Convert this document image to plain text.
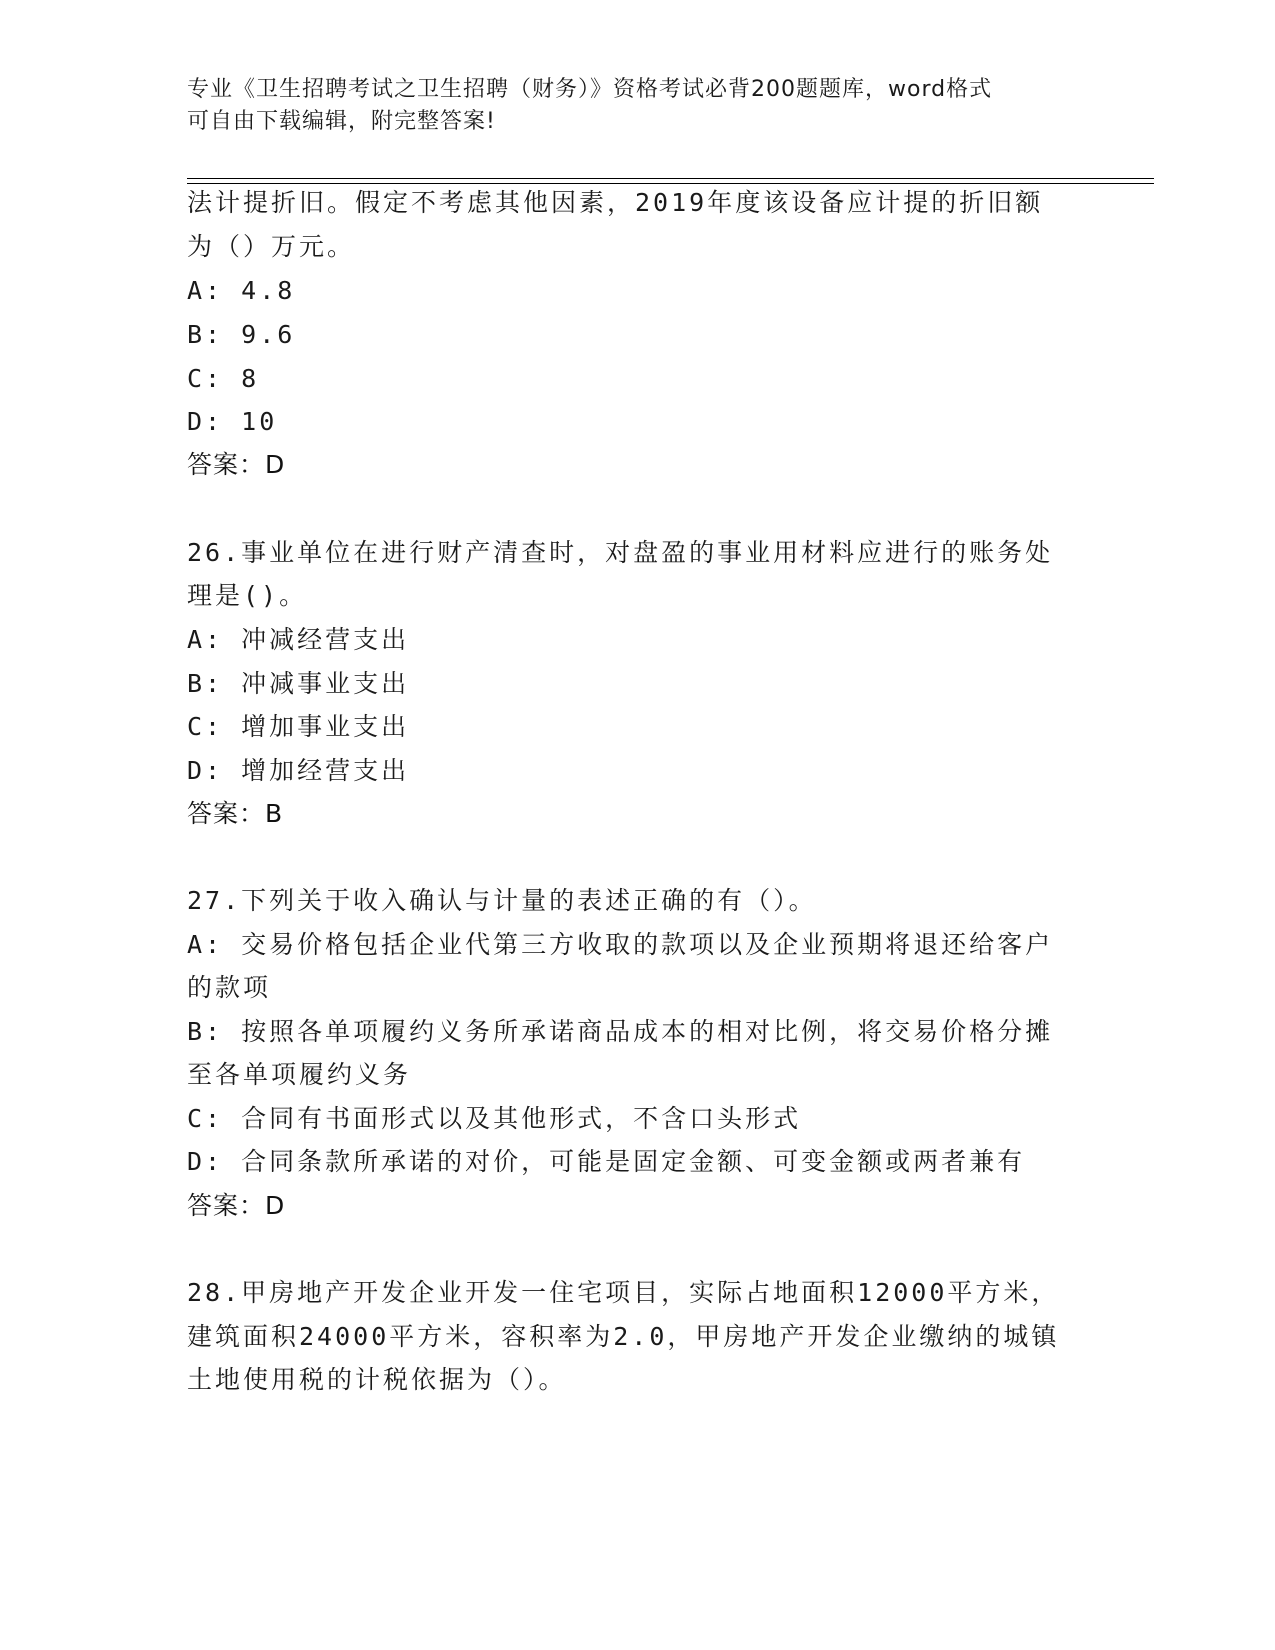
专业《卫生招聘考试之卫生招聘（财务）》资格考试必背200题题库，word格式
可自由下载编辑，附完整答案!
法计提折旧。假定不考虑其他因素，2019年度该设备应计提的折旧额
为（）万元。
A: 4.8
B: 9.6
C: 8
D: 10
答案：D
26.事业单位在进行财产清查时，对盘盈的事业用材料应进行的账务处
理是()。
A: 冲减经营支出
B: 冲减事业支出
C: 增加事业支出
D: 增加经营支出
答案：B
27.下列关于收入确认与计量的表述正确的有（）。
A: 交易价格包括企业代第三方收取的款项以及企业预期将退还给客户
的款项
B: 按照各单项履约义务所承诺商品成本的相对比例，将交易价格分摊
至各单项履约义务
C: 合同有书面形式以及其他形式，不含口头形式
D: 合同条款所承诺的对价，可能是固定金额、可变金额或两者兼有
答案：D
28.甲房地产开发企业开发一住宅项目，实际占地面积12000平方米，
建筑面积24000平方米，容积率为2.0，甲房地产开发企业缴纳的城镇
土地使用税的计税依据为（）。
